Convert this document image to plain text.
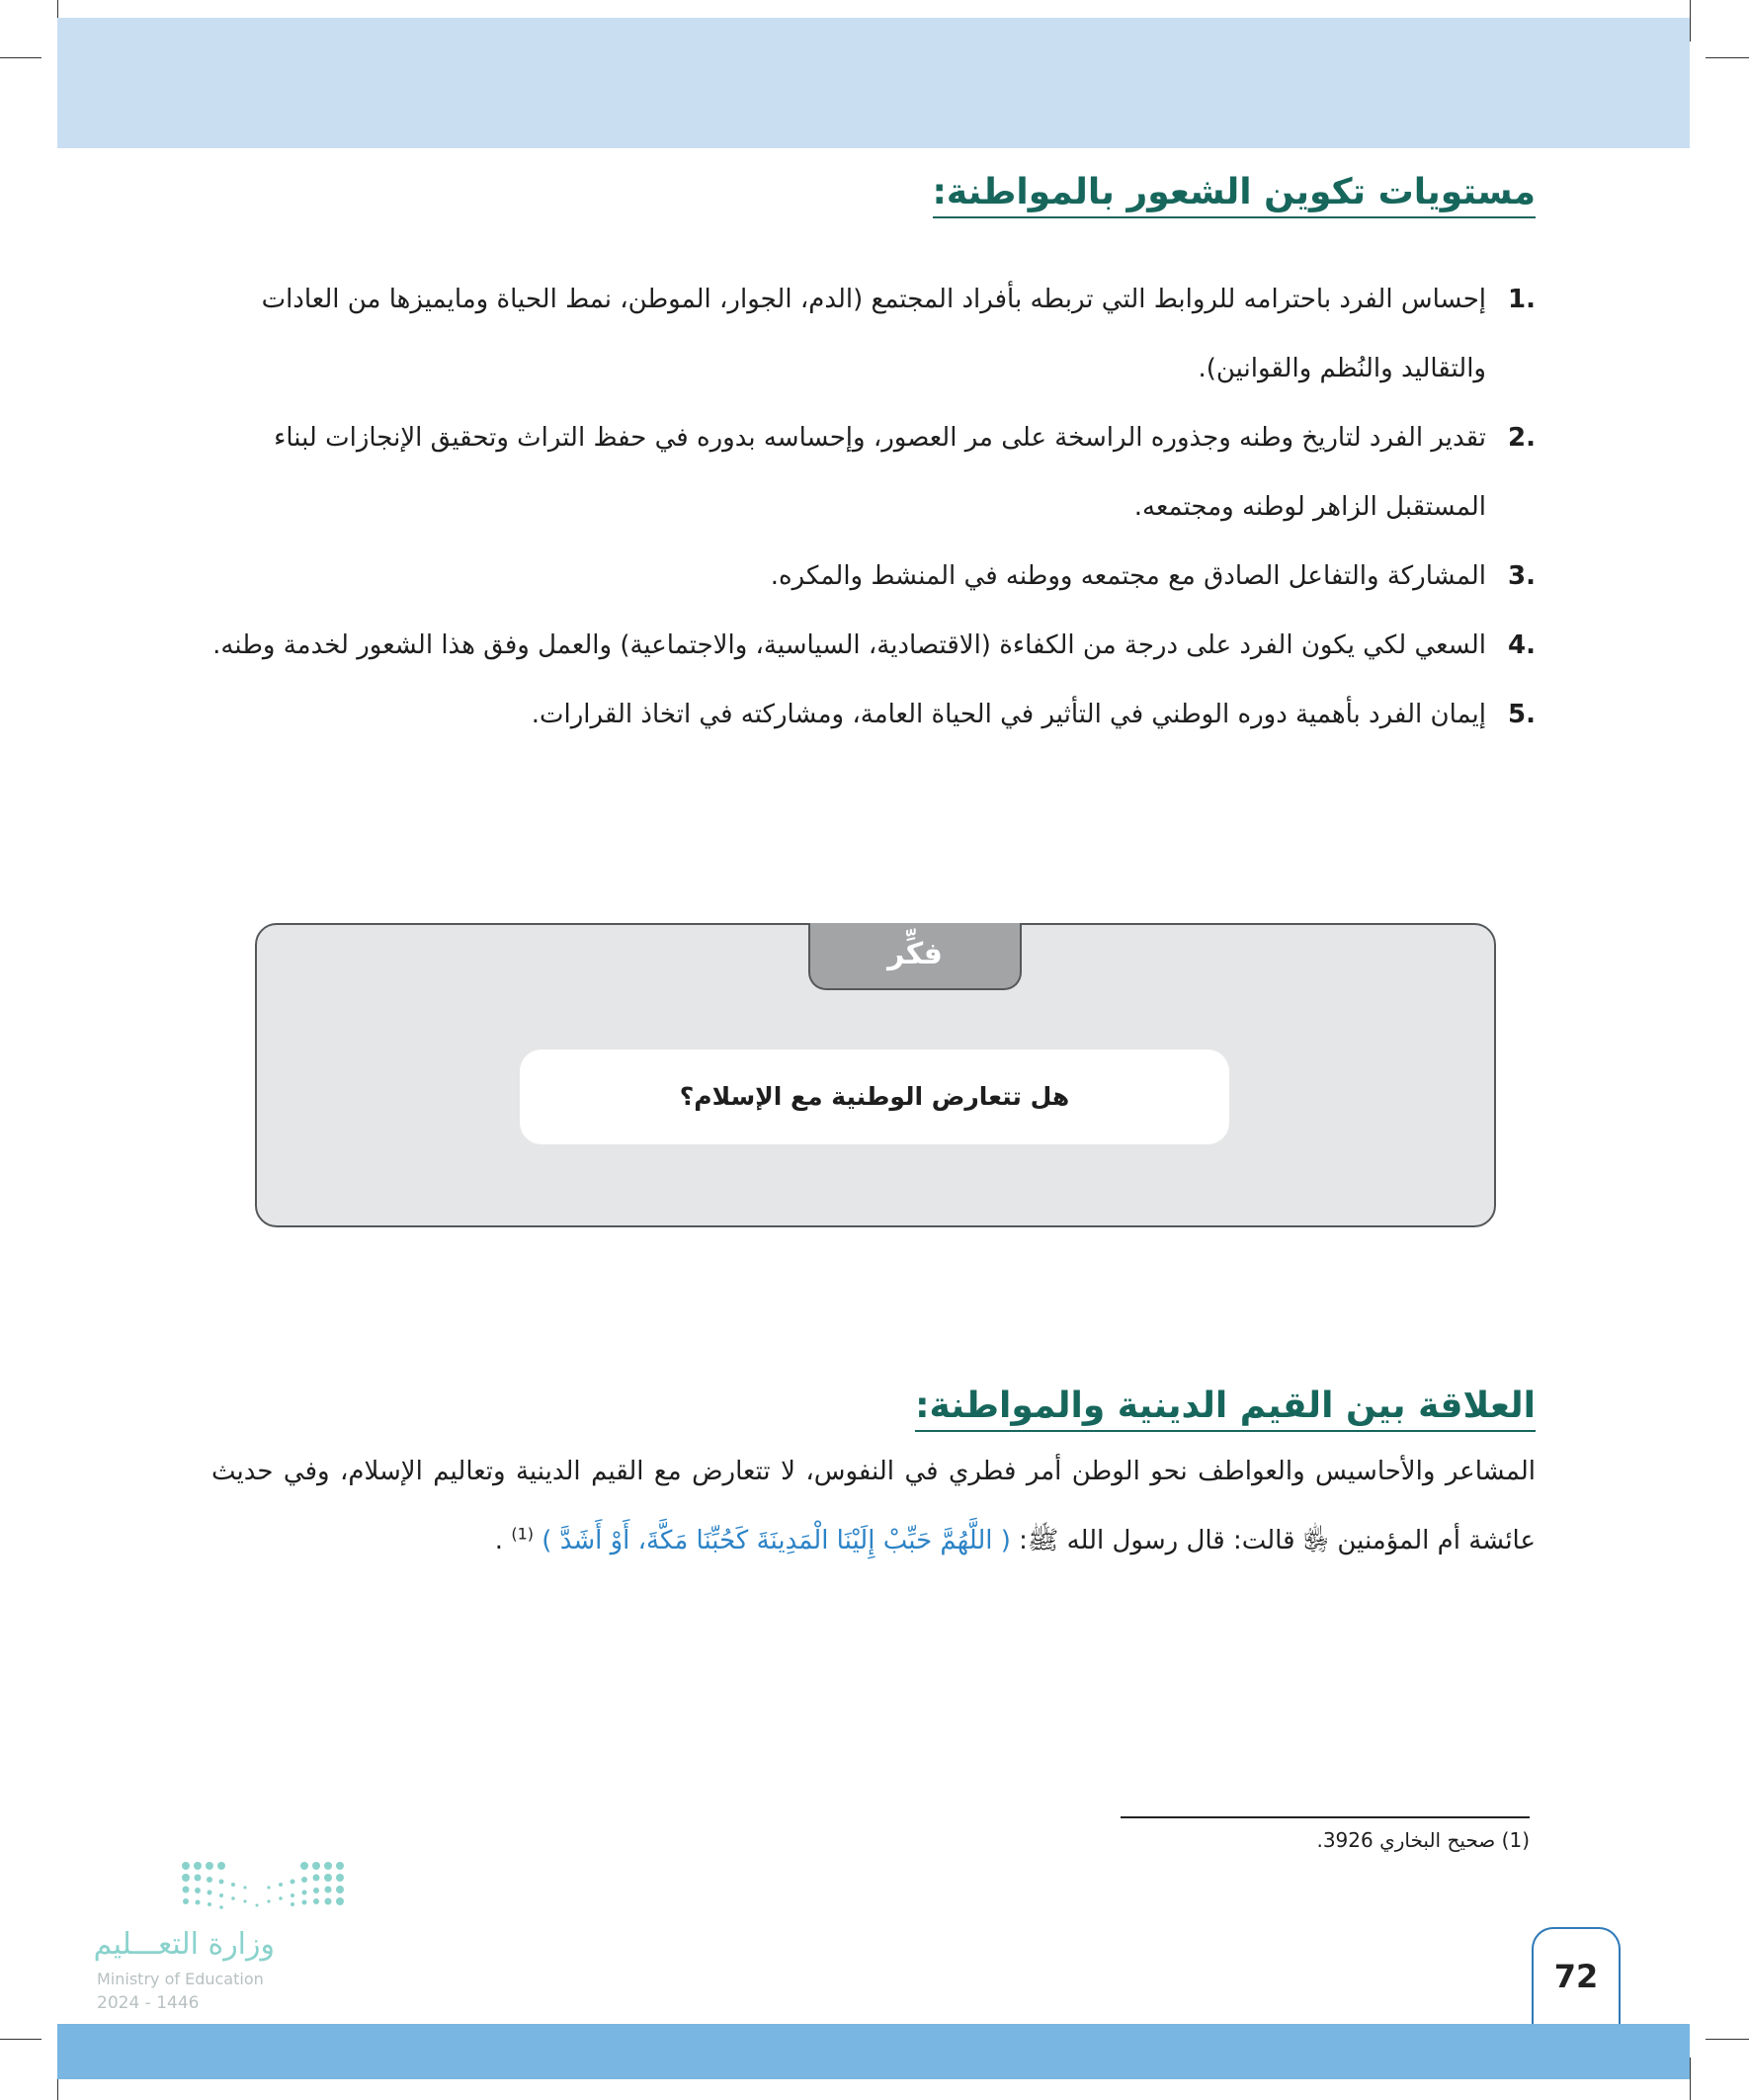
مستويات تكوين الشعور بالمواطنة:
1 .
إحساس الفرد باحترامه للروابط التي تربطه بأفراد المجتمع (الدم، الجوار، الموطن، نمط الحياة ومايميزها من العادات والتقاليد والنُظم والقوانين).
2 .
تقدير الفرد لتاريخ وطنه وجذوره الراسخة على مر العصور، وإحساسه بدوره في حفظ التراث وتحقيق الإنجازات لبناء المستقبل الزاهر لوطنه ومجتمعه.
3 .
المشاركة والتفاعل الصادق مع مجتمعه ووطنه في المنشط والمكره.
4 .
السعي لكي يكون الفرد على درجة من الكفاءة (الاقتصادية، السياسية، والاجتماعية) والعمل وفق هذا الشعور لخدمة وطنه.
5 .
إيمان الفرد بأهمية دوره الوطني في التأثير في الحياة العامة، ومشاركته في اتخاذ القرارات.
فكِّر
هل تتعارض الوطنية مع الإسلام؟
العلاقة بين القيم الدينية والمواطنة:

المشاعر والأحاسيس والعواطف نحو الوطن أمر فطري في النفوس، لا تتعارض مع القيم الدينية وتعاليم الإسلام، وفي حديث عائشة أم المؤمنين ﵂ قالت: قال رسول الله ﷺ: ( اللَّهُمَّ حَبِّبْ إِلَيْنَا الْمَدِينَةَ كَحُبِّنَا مَكَّةَ، أَوْ أَشَدَّ ) $^{(1)}$ .

(1) صحيح البخاري 3926.
وزارة التعـــليم
Ministry of Education
2024 - 1446
72
